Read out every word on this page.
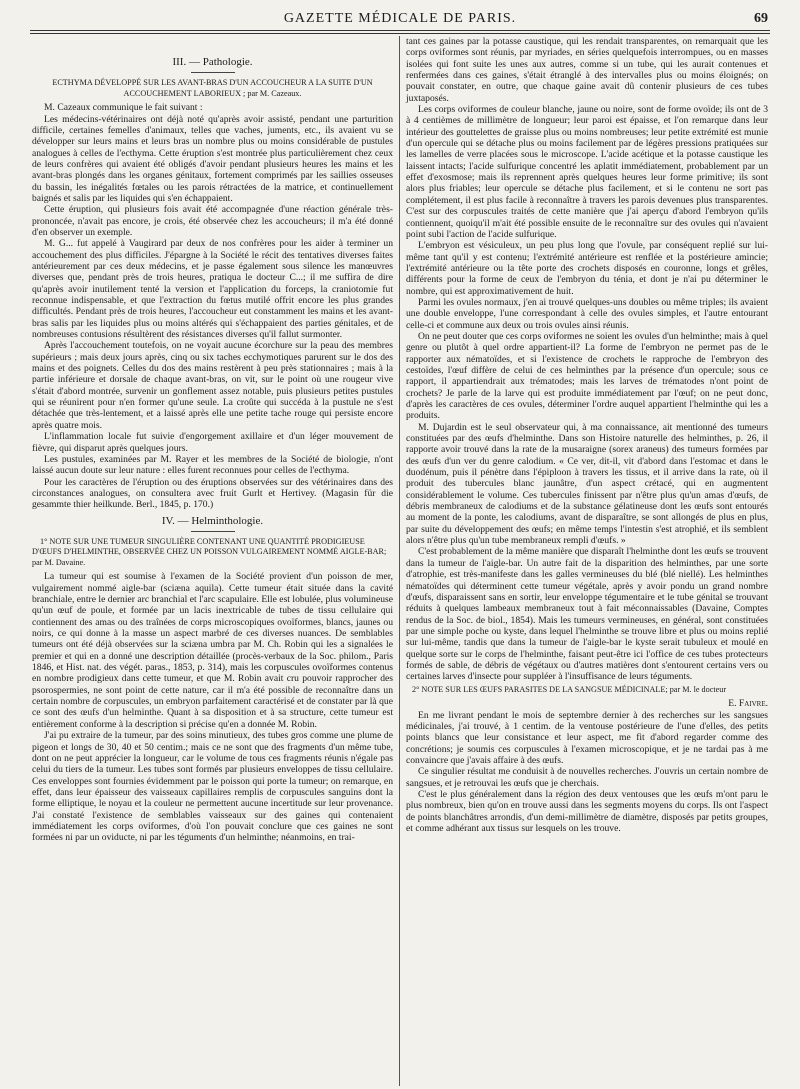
GAZETTE MÉDICALE DE PARIS.	69
III. — Pathologie.
ECTHYMA DÉVELOPPÉ SUR LES AVANT-BRAS D'UN ACCOUCHEUR A LA SUITE D'UN ACCOUCHEMENT LABORIEUX ; par M. Cazeaux.

M. Cazeaux communique le fait suivant :

Les médecins-vétérinaires ont déjà noté qu'après avoir assisté, pendant une parturition difficile, certaines femelles d'animaux, telles que vaches, juments, etc., ils avaient vu se développer sur leurs mains et leurs bras un nombre plus ou moins considérable de pustules analogues à celles de l'ecthyma. Cette éruption s'est montrée plus particulièrement chez ceux de leurs confrères qui avaient été obligés d'avoir pendant plusieurs heures les mains et les avant-bras plongés dans les organes génitaux, fortement comprimés par les saillies osseuses du bassin, les inégalités fœtales ou les parois rétractées de la matrice, et continuellement baignés et salis par les liquides qui s'en échappaient.

Cette éruption, qui plusieurs fois avait été accompagnée d'une réaction générale très-prononcée, n'avait pas encore, je crois, été observée chez les accoucheurs; il m'a été donné d'en observer un exemple.

M. G... fut appelé à Vaugirard par deux de nos confrères pour les aider à terminer un accouchement des plus difficiles. J'épargne à la Société le récit des tentatives diverses faites antérieurement par ces deux médecins, et je passe également sous silence les manœuvres diverses que, pendant près de trois heures, pratiqua le docteur C...; il me suffira de dire qu'après avoir inutilement tenté la version et l'application du forceps, la craniotomie fut reconnue indispensable, et que l'extraction du fœtus mutilé offrit encore les plus grandes difficultés. Pendant près de trois heures, l'accoucheur eut constamment les mains et les avant-bras salis par les liquides plus ou moins altérés qui s'échappaient des parties génitales, et de nombreuses contusions résultèrent des résistances diverses qu'il fallut surmonter.

Après l'accouchement toutefois, on ne voyait aucune écorchure sur la peau des membres supérieurs ; mais deux jours après, cinq ou six taches ecchymotiques parurent sur le dos des mains et des poignets. Celles du dos des mains restèrent à peu près stationnaires ; mais à la partie inférieure et dorsale de chaque avant-bras, on vit, sur le point où une rougeur vive s'était d'abord montrée, survenir un gonflement assez notable, puis plusieurs petites pustules qui se réunirent pour n'en former qu'une seule. La croûte qui succéda à la pustule ne s'est détachée que très-lentement, et a laissé après elle une petite tache rouge qui persiste encore après quatre mois.

L'inflammation locale fut suivie d'engorgement axillaire et d'un léger mouvement de fièvre, qui disparut après quelques jours.

Les pustules, examinées par M. Rayer et les membres de la Société de biologie, n'ont laissé aucun doute sur leur nature : elles furent reconnues pour celles de l'ecthyma.

Pour les caractères de l'éruption ou des éruptions observées sur des vétérinaires dans des circonstances analogues, on consultera avec fruit Gurlt et Hertivey. (Magasin für die gesammte thier heilkunde. Berl., 1845, p. 170.)

IV. — Helminthologie.
1° NOTE SUR UNE TUMEUR SINGULIÈRE CONTENANT UNE QUANTITÉ PRODIGIEUSE D'ŒUFS D'HELMINTHE, OBSERVÉE CHEZ UN POISSON VULGAIREMENT NOMMÉ AIGLE-BAR; par M. Davaine.

La tumeur qui est soumise à l'examen de la Société provient d'un poisson de mer, vulgairement nommé aigle-bar (sciæna aquila). Cette tumeur était située dans la cavité branchiale, entre le dernier arc branchial et l'arc scapulaire. Elle est lobulée, plus volumineuse qu'un œuf de poule, et formée par un lacis inextricable de tubes de tissu cellulaire qui contiennent des amas ou des traînées de corps microscopiques ovoïformes, blancs, jaunes ou noirs, ce qui donne à la masse un aspect marbré de ces diverses nuances. De semblables tumeurs ont été déjà observées sur la sciæna umbra par M. Ch. Robin qui les a signalées le premier et qui en a donné une description détaillée (procès-verbaux de la Soc. philom., Paris 1846, et Hist. nat. des végét. paras., 1853, p. 314), mais les corpuscules ovoïformes contenus en nombre prodigieux dans cette tumeur, et que M. Robin avait cru pouvoir rapprocher des psorospermies, ne sont point de cette nature, car il m'a été possible de reconnaître dans un certain nombre de corpuscules, un embryon parfaitement caractérisé et de constater par là que ce sont des œufs d'un helminthe. Quant à sa disposition et à sa structure, cette tumeur est entièrement conforme à la description si précise qu'en a donnée M. Robin.

J'ai pu extraire de la tumeur, par des soins minutieux, des tubes gros comme une plume de pigeon et longs de 30, 40 et 50 centim.; mais ce ne sont que des fragments d'un même tube, dont on ne peut apprécier la longueur, car le volume de tous ces fragments réunis n'égale pas celui du tiers de la tumeur. Les tubes sont formés par plusieurs enveloppes de tissu cellulaire. Ces enveloppes sont fournies évidemment par le poisson qui porte la tumeur; on remarque, en effet, dans leur épaisseur des vaisseaux capillaires remplis de corpuscules sanguins dont la forme elliptique, le noyau et la couleur ne permettent aucune incertitude sur leur provenance. J'ai constaté l'existence de semblables vaisseaux sur des gaines qui contenaient immédiatement les corps oviformes, d'où l'on pouvait conclure que ces gaines ne sont formées ni par un oviducte, ni par les téguments d'un helminthe; néanmoins, en trai-

tant ces gaines par la potasse caustique, qui les rendait transparentes, on remarquait que les corps oviformes sont réunis, par myriades, en séries quelquefois interrompues, ou en masses isolées qui font suite les unes aux autres, comme si un tube, qui les aurait contenues et renfermées dans ces gaines, s'était étranglé à des intervalles plus ou moins éloignés; on pouvait constater, en outre, que chaque gaine avait dû contenir plusieurs de ces tubes juxtaposés.

Les corps oviformes de couleur blanche, jaune ou noire, sont de forme ovoïde; ils ont de 3 à 4 centièmes de millimètre de longueur; leur paroi est épaisse, et l'on remarque dans leur intérieur des gouttelettes de graisse plus ou moins nombreuses; leur petite extrémité est munie d'un opercule qui se détache plus ou moins facilement par de légères pressions pratiquées sur les lamelles de verre placées sous le microscope. L'acide acétique et la potasse caustique les laissent intacts; l'acide sulfurique concentré les aplatit immédiatement, probablement par un effet d'exosmose; mais ils reprennent après quelques heures leur forme primitive; ils sont alors plus friables; leur opercule se détache plus facilement, et si le contenu ne sort pas complétement, il est plus facile à reconnaître à travers les parois devenues plus transparentes. C'est sur des corpuscules traités de cette manière que j'ai aperçu d'abord l'embryon qu'ils contiennent, quoiqu'il m'ait été possible ensuite de le reconnaître sur des ovules qui n'avaient point subi l'action de l'acide sulfurique.

L'embryon est vésiculeux, un peu plus long que l'ovule, par conséquent replié sur lui-même tant qu'il y est contenu; l'extrémité antérieure est renflée et la postérieure amincie; l'extrémité antérieure ou la tête porte des crochets disposés en couronne, longs et grêles, différents pour la forme de ceux de l'embryon du ténia, et dont je n'ai pu déterminer le nombre, qui est approximativement de huit.

Parmi les ovules normaux, j'en ai trouvé quelques-uns doubles ou même triples; ils avaient une double enveloppe, l'une correspondant à celle des ovules simples, et l'autre entourant celle-ci et commune aux deux ou trois ovules ainsi réunis.

On ne peut douter que ces corps oviformes ne soient les ovules d'un helminthe; mais à quel genre ou plutôt à quel ordre appartient-il? La forme de l'embryon ne permet pas de le rapporter aux nématoïdes, et si l'existence de crochets le rapproche de l'embryon des cestoïdes, l'œuf diffère de celui de ces helminthes par la présence d'un opercule; sous ce rapport, il appartiendrait aux trématodes; mais les larves de trématodes n'ont point de crochets? Je parle de la larve qui est produite immédiatement par l'œuf; on ne peut donc, d'après les caractères de ces ovules, déterminer l'ordre auquel appartient l'helminthe qui les a produits.

M. Dujardin est le seul observateur qui, à ma connaissance, ait mentionné des tumeurs constituées par des œufs d'helminthe. Dans son Histoire naturelle des helminthes, p. 26, il rapporte avoir trouvé dans la rate de la musaraigne (sorex araneus) des tumeurs formées par des œufs d'un ver du genre calodium. « Ce ver, dit-il, vit d'abord dans l'estomac et dans le duodénum, puis il pénètre dans l'épiploon à travers les tissus, et il arrive dans la rate, où il produit des tubercules blanc jaunâtre, d'un aspect crétacé, qui en augmentent considérablement le volume. Ces tubercules finissent par n'être plus qu'un amas d'œufs, de débris membraneux de calodiums et de la substance gélatineuse dont les œufs sont entourés au moment de la ponte, les calodiums, avant de disparaître, se sont allongés de plus en plus, par suite du développement des œufs; en même temps l'intestin s'est atrophié, et ils semblent alors n'être plus qu'un tube membraneux rempli d'œufs. »

C'est probablement de la même manière que disparaît l'helminthe dont les œufs se trouvent dans la tumeur de l'aigle-bar. Un autre fait de la disparition des helminthes, par une sorte d'atrophie, est très-manifeste dans les galles vermineuses du blé (blé niellé). Les helminthes nématoïdes qui déterminent cette tumeur végétale, après y avoir pondu un grand nombre d'œufs, disparaissent sans en sortir, leur enveloppe tégumentaire et le tube génital se trouvant réduits à quelques lambeaux membraneux tout à fait méconnaissables (Davaine, Comptes rendus de la Soc. de biol., 1854). Mais les tumeurs vermineuses, en général, sont constituées par une simple poche ou kyste, dans lequel l'helminthe se trouve libre et plus ou moins replié sur lui-même, tandis que dans la tumeur de l'aigle-bar le kyste serait tubuleux et moulé en quelque sorte sur le corps de l'helminthe, faisant peut-être ici l'office de ces tubes protecteurs formés de sable, de débris de végétaux ou d'autres matières dont s'entourent certains vers ou certaines larves d'insecte pour suppléer à l'insuffisance de leurs téguments.

2° NOTE SUR LES ŒUFS PARASITES DE LA SANGSUE MÉDICINALE; par M. le docteur
E. Faivre.

En me livrant pendant le mois de septembre dernier à des recherches sur les sangsues médicinales, j'ai trouvé, à 1 centim. de la ventouse postérieure de l'une d'elles, des petits points blancs que leur consistance et leur aspect, me fit d'abord regarder comme des concrétions; je soumis ces corpuscules à l'examen microscopique, et je ne tardai pas à me convaincre que j'avais affaire à des œufs.

Ce singulier résultat me conduisit à de nouvelles recherches. J'ouvris un certain nombre de sangsues, et je retrouvai les œufs que je cherchais.

C'est le plus généralement dans la région des deux ventouses que les œufs m'ont paru le plus nombreux, bien qu'on en trouve aussi dans les segments moyens du corps. Ils ont l'aspect de points blanchâtres arrondis, d'un demi-millimètre de diamètre, disposés par petits groupes, et comme adhérant aux tissus sur lesquels on les trouve.
